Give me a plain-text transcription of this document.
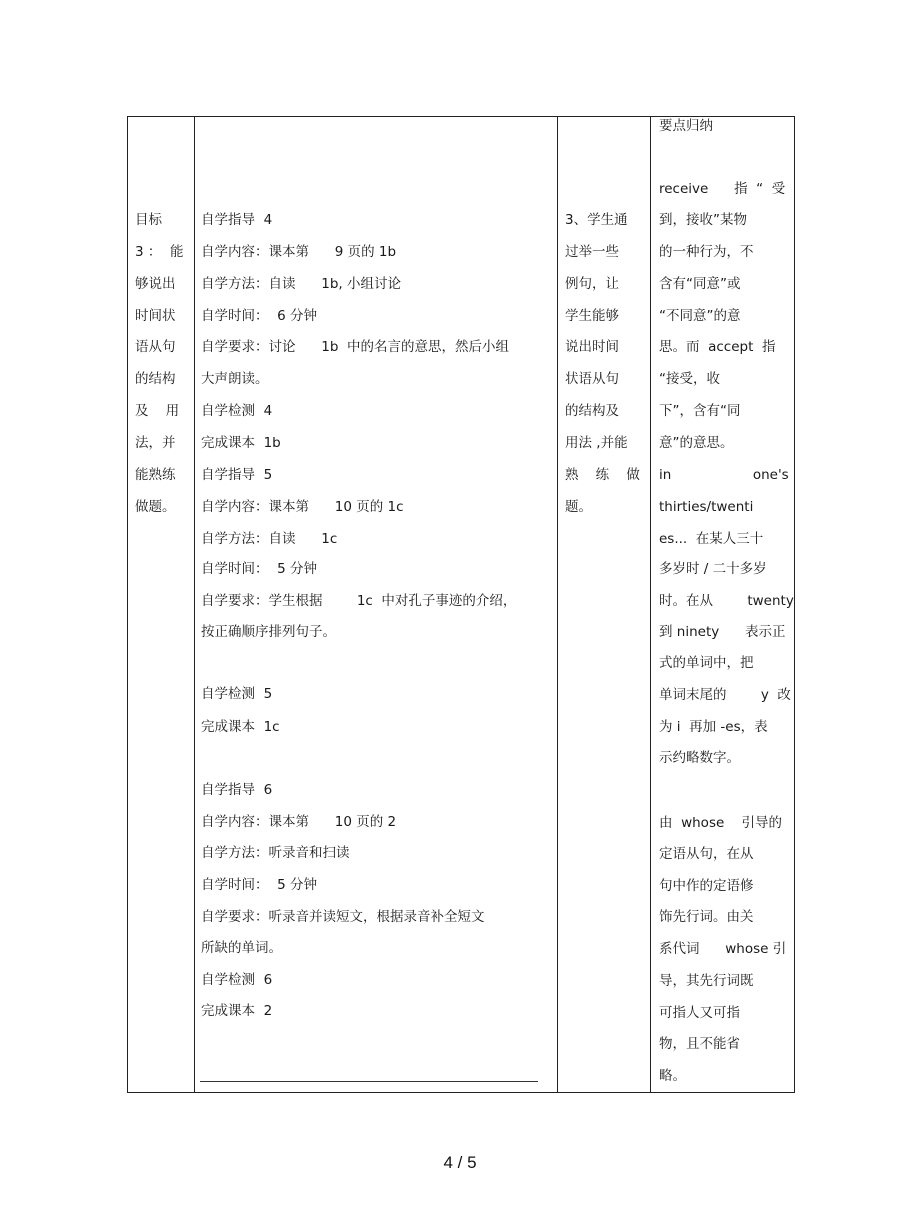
目标
3 ：  能
够说出
时间状
语从句
的结构
及    用
法，并
能熟练
做题。
自学指导  4
自学内容：课本第      9 页的 1b
自学方法：自读      1b, 小组讨论
自学时间：  6 分钟
自学要求：讨论      1b  中的名言的意思，然后小组
大声朗读。
自学检测  4
完成课本  1b
自学指导  5
自学内容：课本第      10 页的 1c
自学方法：自读      1c
自学时间：  5 分钟
自学要求：学生根据        1c  中对孔子事迹的介绍，
按正确顺序排列句子。
自学检测  5
完成课本  1c
自学指导  6
自学内容：课本第      10 页的 2
自学方法：听录音和扫读
自学时间：  5 分钟
自学要求：听录音并读短文，根据录音补全短文
所缺的单词。
自学检测  6
完成课本  2
3、学生通
过举一些
例句，让
学生能够
说出时间
状语从句
的结构及
用法 ,并能
熟    练    做
题。
要点归纳
receive      指  “  受
到，接收”某物
的一种行为，不
含有“同意”或
“不同意”的意
思。而  accept  指
“接受，收
下”，含有“同
意”的意思。
in                   one's
thirties/twenti
es...  在某人三十
多岁时 / 二十多岁
时。在从        twenty
到 ninety      表示正
式的单词中，把
单词末尾的        y  改
为 i  再加 -es，表
示约略数字。
由  whose    引导的
定语从句，在从
句中作的定语修
饰先行词。由关
系代词      whose 引
导，其先行词既
可指人又可指
物，且不能省
略。
4 / 5
